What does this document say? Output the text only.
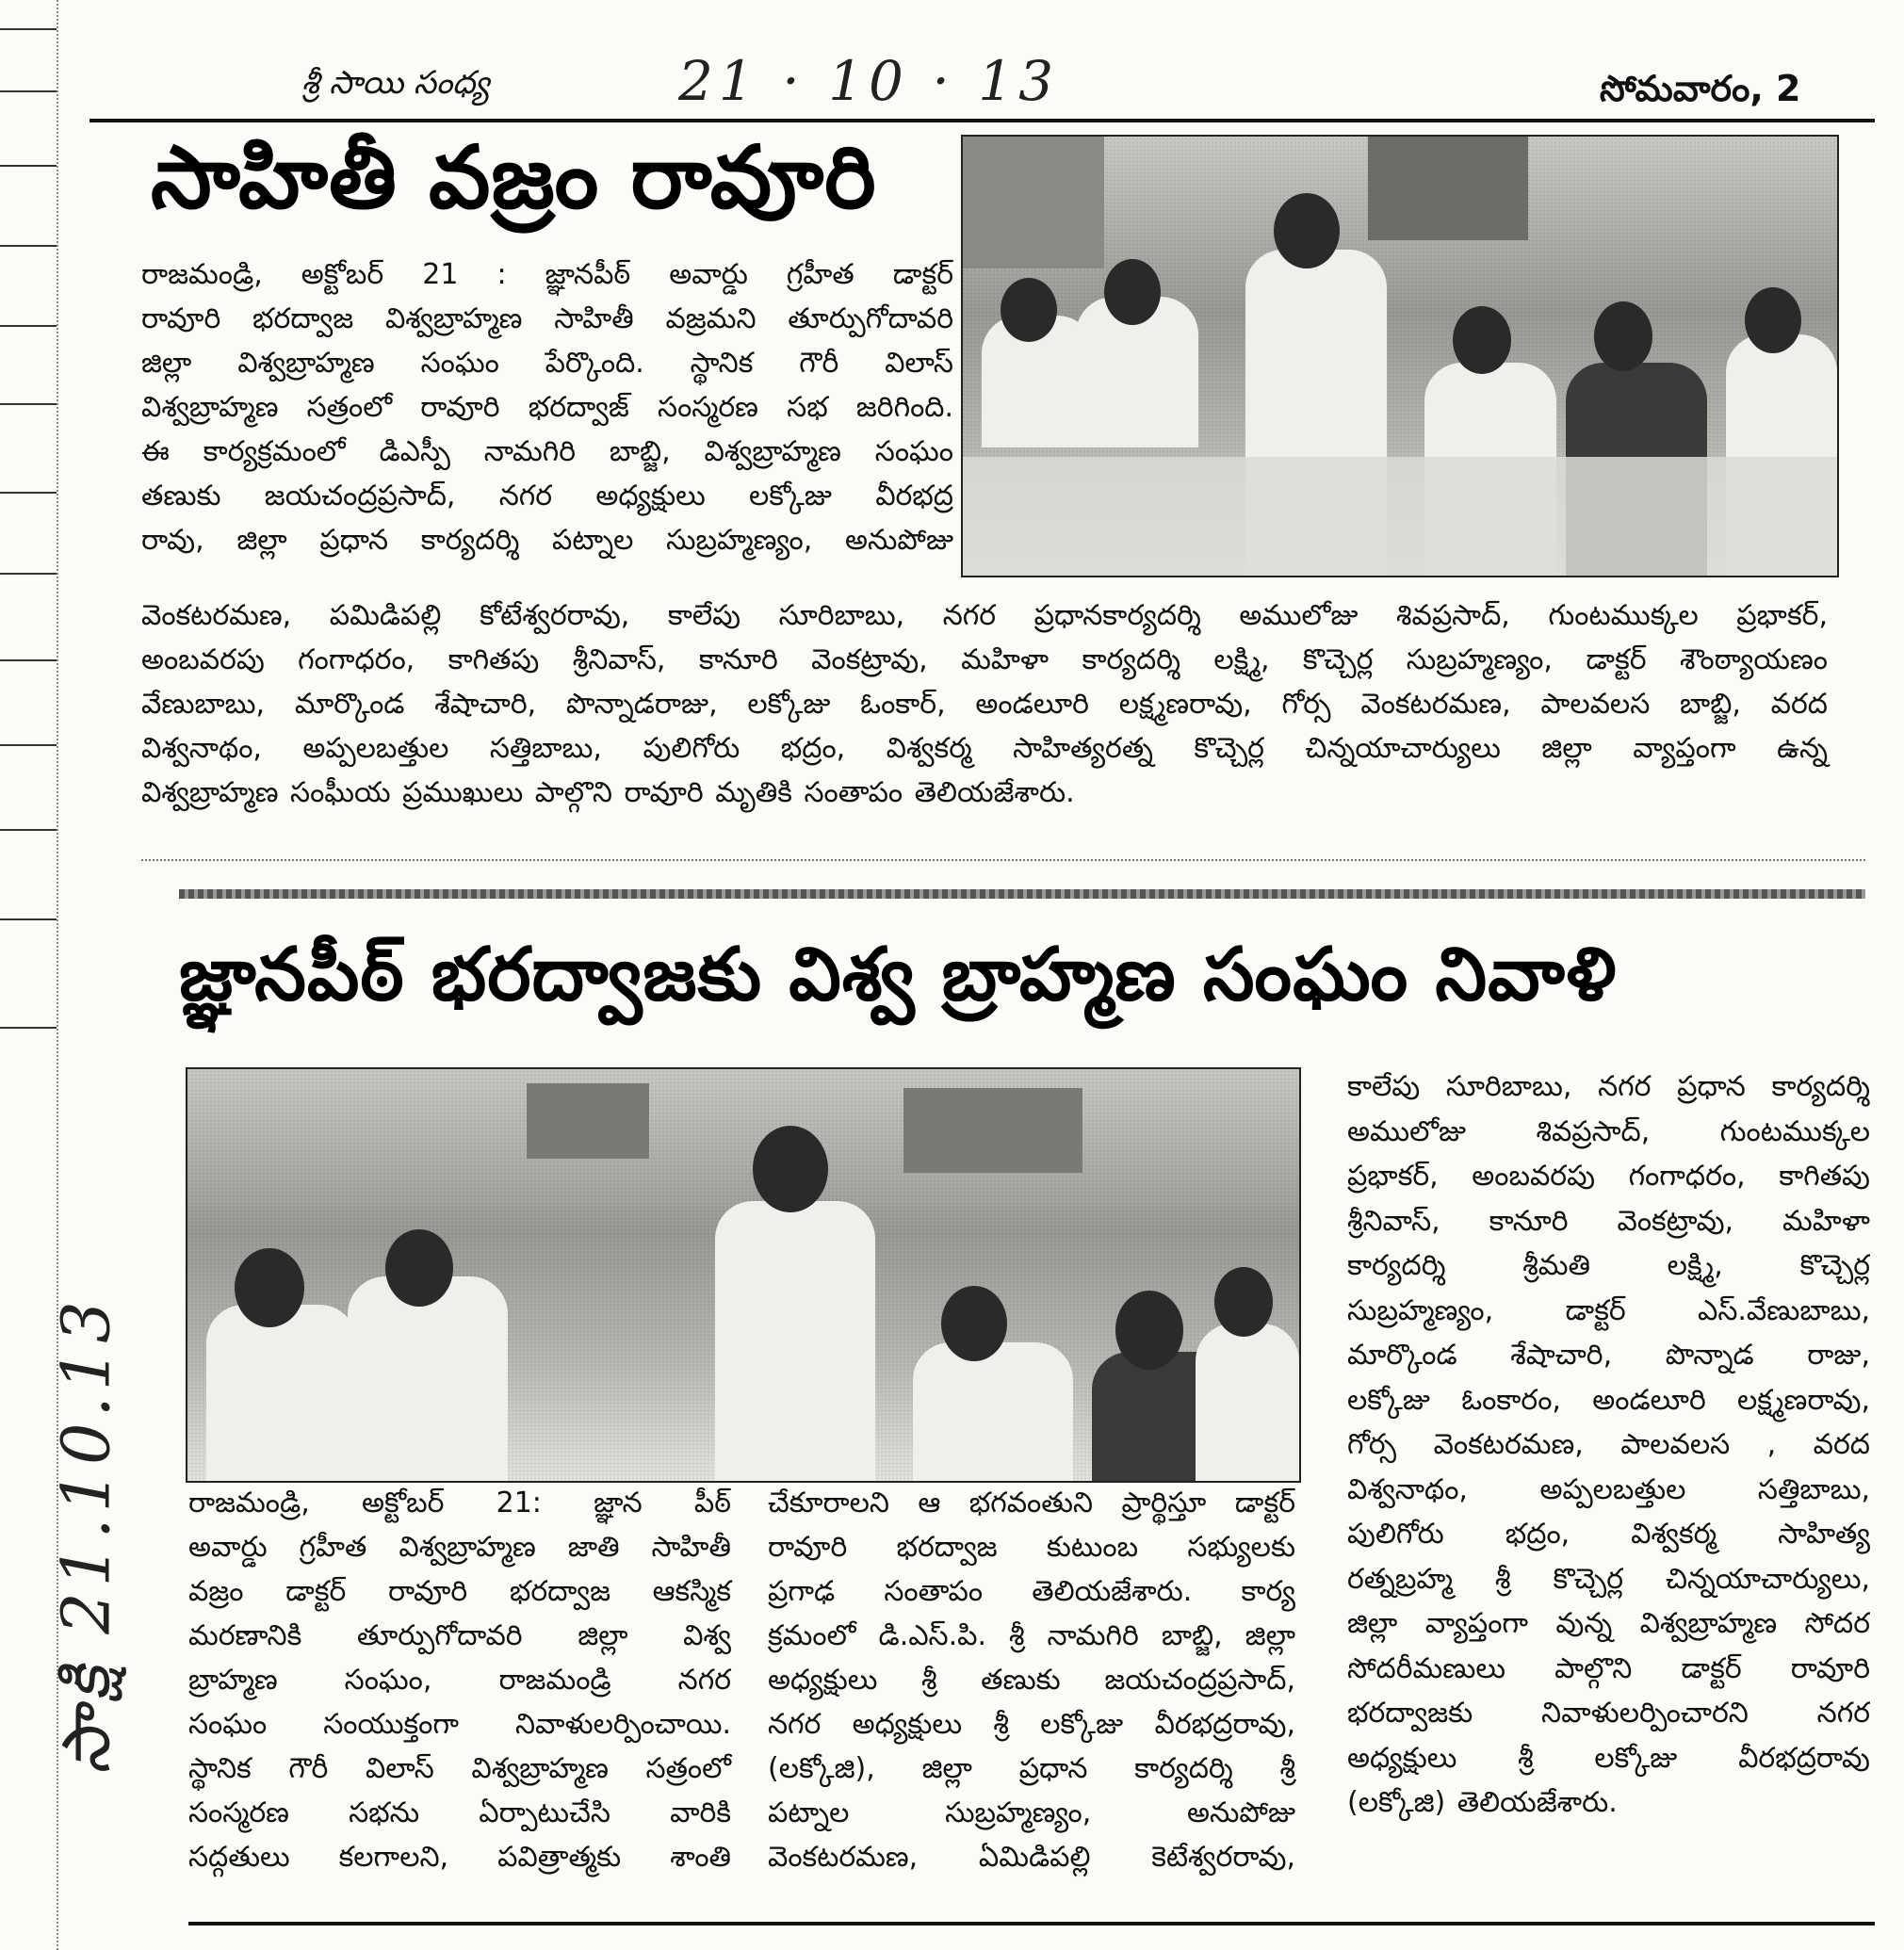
శ్రీ సాయి సంధ్య	21 · 10 · 13	సోమవారం, 2
సాక్షి 21.10.13
సాహితీ వజ్రం రావూరి

రాజమండ్రి, అక్టోబర్ 21 : జ్ఞానపీఠ్ అవార్డు గ్రహీత డాక్టర్

రావూరి భరద్వాజ విశ్వబ్రాహ్మణ సాహితీ వజ్రమని తూర్పుగోదావరి

జిల్లా విశ్వబ్రాహ్మణ సంఘం పేర్కొంది. స్థానిక గౌరీ విలాస్

విశ్వబ్రాహ్మణ సత్రంలో రావూరి భరద్వాజ్ సంస్మరణ సభ జరిగింది.

ఈ కార్యక్రమంలో డిఎస్పీ నామగిరి బాబ్జి, విశ్వబ్రాహ్మణ సంఘం

తణుకు జయచంద్రప్రసాద్, నగర అధ్యక్షులు లక్కోజు వీరభద్ర

రావు, జిల్లా ప్రధాన కార్యదర్శి పట్నాల సుబ్రహ్మణ్యం, అనుపోజు

వెంకటరమణ, పమిడిపల్లి కోటేశ్వరరావు, కాలేపు సూరిబాబు, నగర ప్రధానకార్యదర్శి అములోజు శివప్రసాద్, గుంటముక్కల ప్రభాకర్,

అంబవరపు గంగాధరం, కాగితపు శ్రీనివాస్, కానూరి వెంకట్రావు, మహిళా కార్యదర్శి లక్ష్మి, కొచ్చెర్ల సుబ్రహ్మణ్యం, డాక్టర్ శౌంఠ్యాయణం

వేణుబాబు, మార్కొండ శేషాచారి, పొన్నాడరాజు, లక్కోజు ఓంకార్, అండలూరి లక్ష్మణరావు, గోర్స వెంకటరమణ, పాలవలస బాబ్జి, వరద

విశ్వనాథం, అప్పలబత్తుల సత్తిబాబు, పులిగోరు భద్రం, విశ్వకర్మ సాహిత్యరత్న కొచ్చెర్ల చిన్నయాచార్యులు జిల్లా వ్యాప్తంగా ఉన్న

విశ్వబ్రాహ్మణ సంఘీయ ప్రముఖులు పాల్గొని రావూరి మృతికి సంతాపం తెలియజేశారు.

జ్ఞానపీఠ్ భరద్వాజకు విశ్వ బ్రాహ్మణ సంఘం నివాళి

రాజమండ్రి, అక్టోబర్ 21: జ్ఞాన పీఠ్

అవార్డు గ్రహీత విశ్వబ్రాహ్మణ జాతి సాహితీ

వజ్రం డాక్టర్ రావూరి భరద్వాజ ఆకస్మిక

మరణానికి తూర్పుగోదావరి జిల్లా విశ్వ

బ్రాహ్మణ సంఘం, రాజమండ్రి నగర

సంఘం సంయుక్తంగా నివాళులర్పించాయి.

స్థానిక గౌరీ విలాస్ విశ్వబ్రాహ్మణ సత్రంలో

సంస్మరణ సభను ఏర్పాటుచేసి వారికి

సద్గతులు కలగాలని, పవిత్రాత్మకు శాంతి

చేకూరాలని ఆ భగవంతుని ప్రార్థిస్తూ డాక్టర్

రావూరి భరద్వాజ కుటుంబ సభ్యులకు

ప్రగాఢ సంతాపం తెలియజేశారు. కార్య

క్రమంలో డి.ఎస్.పి. శ్రీ నామగిరి బాబ్జి, జిల్లా

అధ్యక్షులు శ్రీ తణుకు జయచంద్రప్రసాద్,

నగర అధ్యక్షులు శ్రీ లక్కోజు వీరభద్రరావు,

(లక్కోజి), జిల్లా ప్రధాన కార్యదర్శి శ్రీ

పట్నాల సుబ్రహ్మణ్యం, అనుపోజు

వెంకటరమణ, ఏమిడిపల్లి కెటేశ్వరరావు,

కాలేపు సూరిబాబు, నగర ప్రధాన కార్యదర్శి

అములోజు శివప్రసాద్, గుంటముక్కల

ప్రభాకర్, అంబవరపు గంగాధరం, కాగితపు

శ్రీనివాస్, కానూరి వెంకట్రావు, మహిళా

కార్యదర్శి శ్రీమతి లక్ష్మి, కొచ్చెర్ల

సుబ్రహ్మణ్యం, డాక్టర్ ఎస్.వేణుబాబు,

మార్కొండ శేషాచారి, పొన్నాడ రాజు,

లక్కోజు ఓంకారం, అండలూరి లక్ష్మణరావు,

గోర్స వెంకటరమణ, పాలవలస , వరద

విశ్వనాథం, అప్పలబత్తుల సత్తిబాబు,

పులిగోరు భద్రం, విశ్వకర్మ సాహిత్య

రత్నబ్రహ్మ శ్రీ కొచ్చెర్ల చిన్నయాచార్యులు,

జిల్లా వ్యాప్తంగా వున్న విశ్వబ్రాహ్మణ సోదర

సోదరీమణులు పాల్గొని డాక్టర్ రావూరి

భరద్వాజకు నివాళులర్పించారని నగర

అధ్యక్షులు శ్రీ లక్కోజు వీరభద్రరావు

(లక్కోజి) తెలియజేశారు.
